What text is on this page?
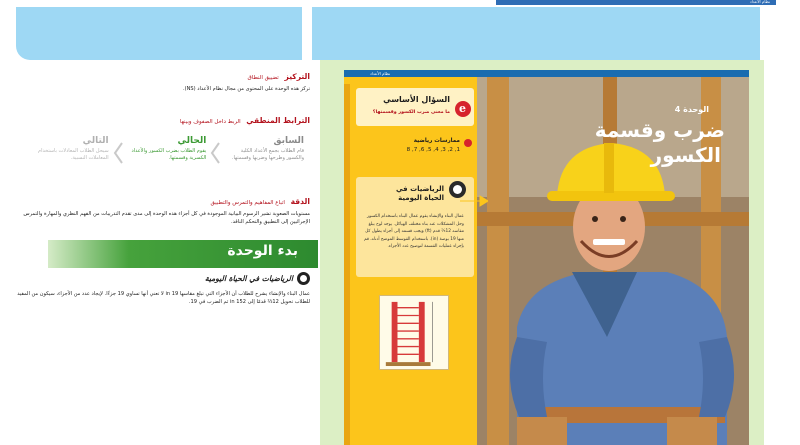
نظام الأعداد
التركيز تضييق النطاق

تركز هذه الوحدة على المحتوى من مجال نظام الأعداد (NS).

الترابط المنطقي الربط داخل الصفوف وبينها
السابق
قام الطلاب بجمع الأعداد الكلية والكسور وطرحها وضربها وقسمتها.
الحالي
يقوم الطلاب بضرب الكسور والأعداد الكسرية وقسمتها.
التالي
سيحل الطلاب المعادلات باستخدام المعاملات النسبية.
الدقة اتباع المفاهيم والتمرس والتطبيق

مستويات الصعوبة تشير الرسوم البيانية الموجودة في كل أجزاء هذه الوحدة إلى مدى تقدم التدريبات من الفهم النظري والمهارة والتمرس الإجرائيين إلى التطبيق والتحكم الناقد.

بدء الوحدة
الرياضيات في الحياة اليومية

عمال البناء والإنشاء يشرح للطلاب أن الأجزاء التي تبلغ مقاسها 19 in لا تعني أنها تساوي 19 جزءًا. لإيجاد عدد من الأجزاء، سيكون من المفيد للطلاب تحويل 12⅔ قدمًا إلى 152 in ثم الضرب في 19.

نظام الأعداد
e
السؤال الأساسي
ما معنى ضرب الكسور وقسمتها؟
ممارسات رياضية
1, 2, 3, 4, 5, 6, 7, 8
الرياضيات في
الحياة اليومية
عمال البناء والإنشاء يقوم عمال البناء باستخدام الكسور وحل المشكلات عند بناء مختلف الهياكل. يوجد لوح يبلغ مقاسه 12⅔ قدم (ft) ويجب قسمه إلى أجزاء يطول كل منها 19 بوصة (in). باستخدام القوسط الموضح أدناه، قم بإجراء عمليات القسمة لتوضيح عدد الأجزاء.
الوحدة 4
ضرب وقسمة
الكسور
